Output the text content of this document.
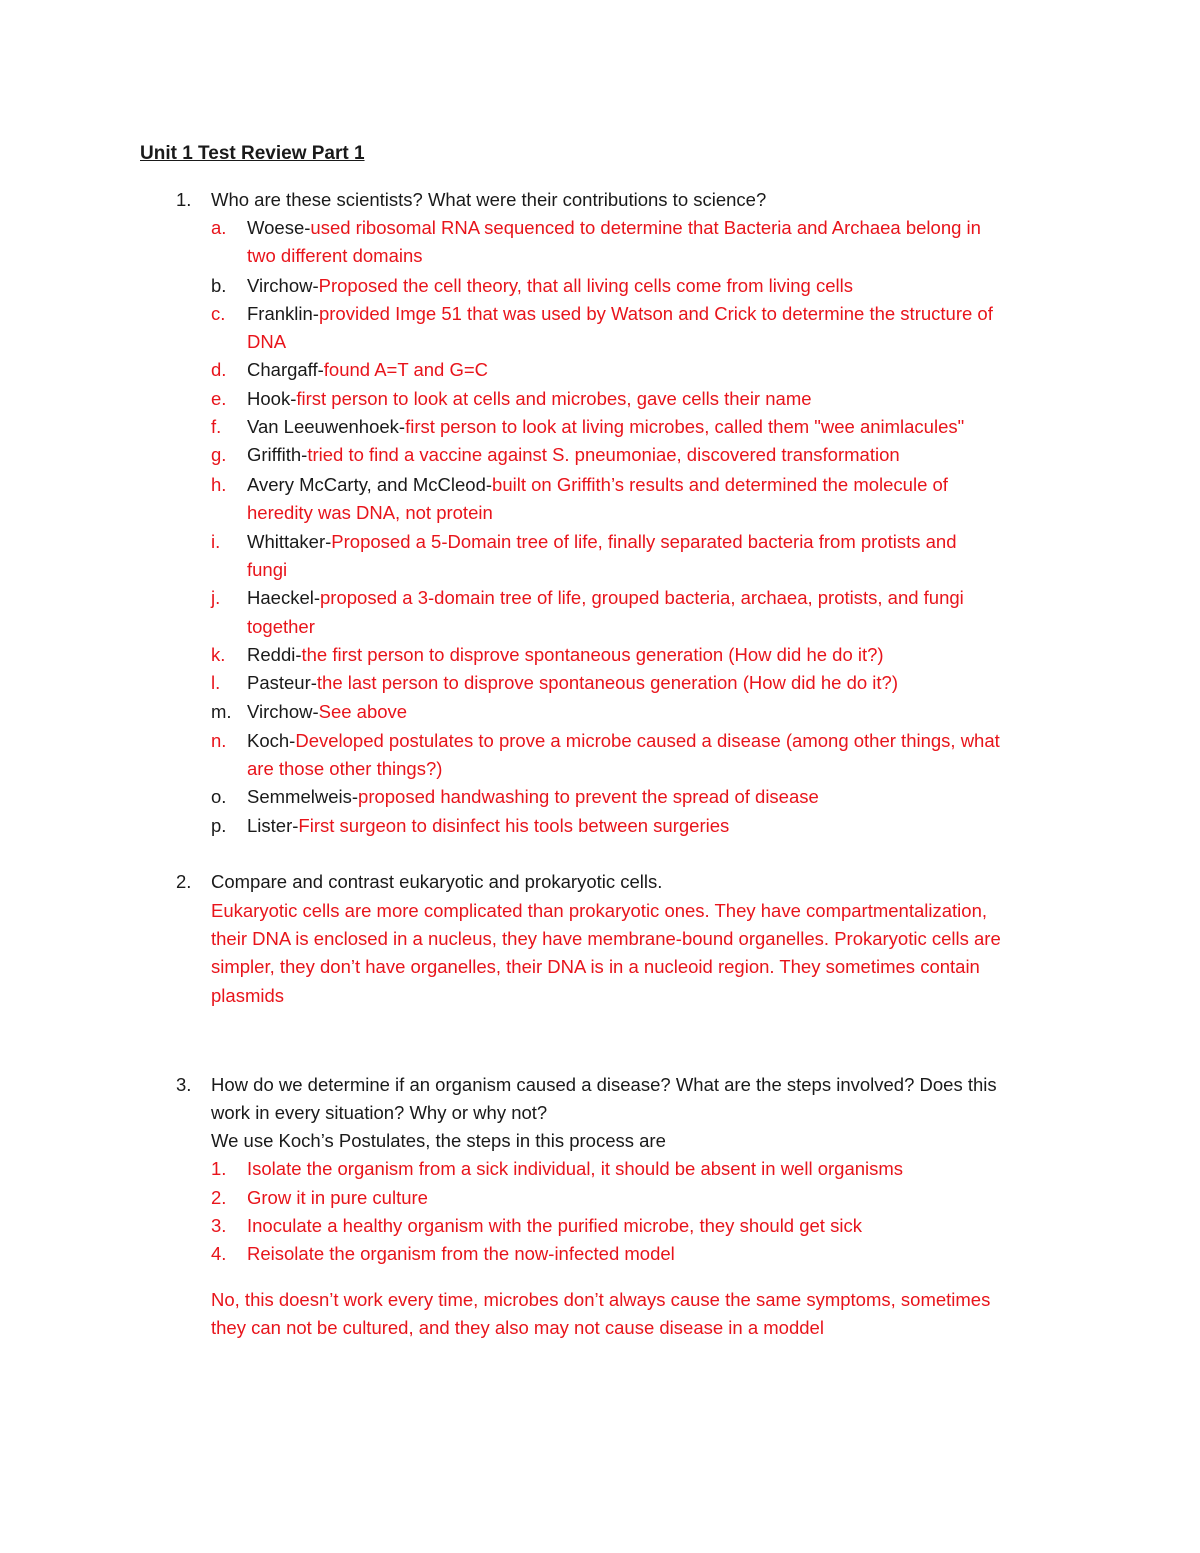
Unit 1 Test Review Part 1
1. Who are these scientists? What were their contributions to science?
a. Woese-used ribosomal RNA sequenced to determine that Bacteria and Archaea belong in
two different domains
b. Virchow-Proposed the cell theory, that all living cells come from living cells
c. Franklin-provided Imge 51 that was used by Watson and Crick to determine the structure of
DNA
d. Chargaff-found A=T and G=C
e. Hook-first person to look at cells and microbes, gave cells their name
f. Van Leeuwenhoek-first person to look at living microbes, called them "wee animlacules"
g. Griffith-tried to find a vaccine against S. pneumoniae, discovered transformation
h. Avery McCarty, and McCleod-built on Griffith’s results and determined the molecule of
heredity was DNA, not protein
i. Whittaker-Proposed a 5-Domain tree of life, finally separated bacteria from protists and
fungi
j. Haeckel-proposed a 3-domain tree of life, grouped bacteria, archaea, protists, and fungi
together
k. Reddi-the first person to disprove spontaneous generation (How did he do it?)
l. Pasteur-the last person to disprove spontaneous generation (How did he do it?)
m. Virchow-See above
n. Koch-Developed postulates to prove a microbe caused a disease (among other things, what
are those other things?)
o. Semmelweis-proposed handwashing to prevent the spread of disease
p. Lister-First surgeon to disinfect his tools between surgeries
2. Compare and contrast eukaryotic and prokaryotic cells.
Eukaryotic cells are more complicated than prokaryotic ones. They have compartmentalization,
their DNA is enclosed in a nucleus, they have membrane-bound organelles. Prokaryotic cells are
simpler, they don’t have organelles, their DNA is in a nucleoid region. They sometimes contain
plasmids
3. How do we determine if an organism caused a disease? What are the steps involved? Does this
work in every situation? Why or why not?
We use Koch’s Postulates, the steps in this process are
1. Isolate the organism from a sick individual, it should be absent in well organisms
2. Grow it in pure culture
3. Inoculate a healthy organism with the purified microbe, they should get sick
4. Reisolate the organism from the now-infected model
No, this doesn’t work every time, microbes don’t always cause the same symptoms, sometimes
they can not be cultured, and they also may not cause disease in a moddel
